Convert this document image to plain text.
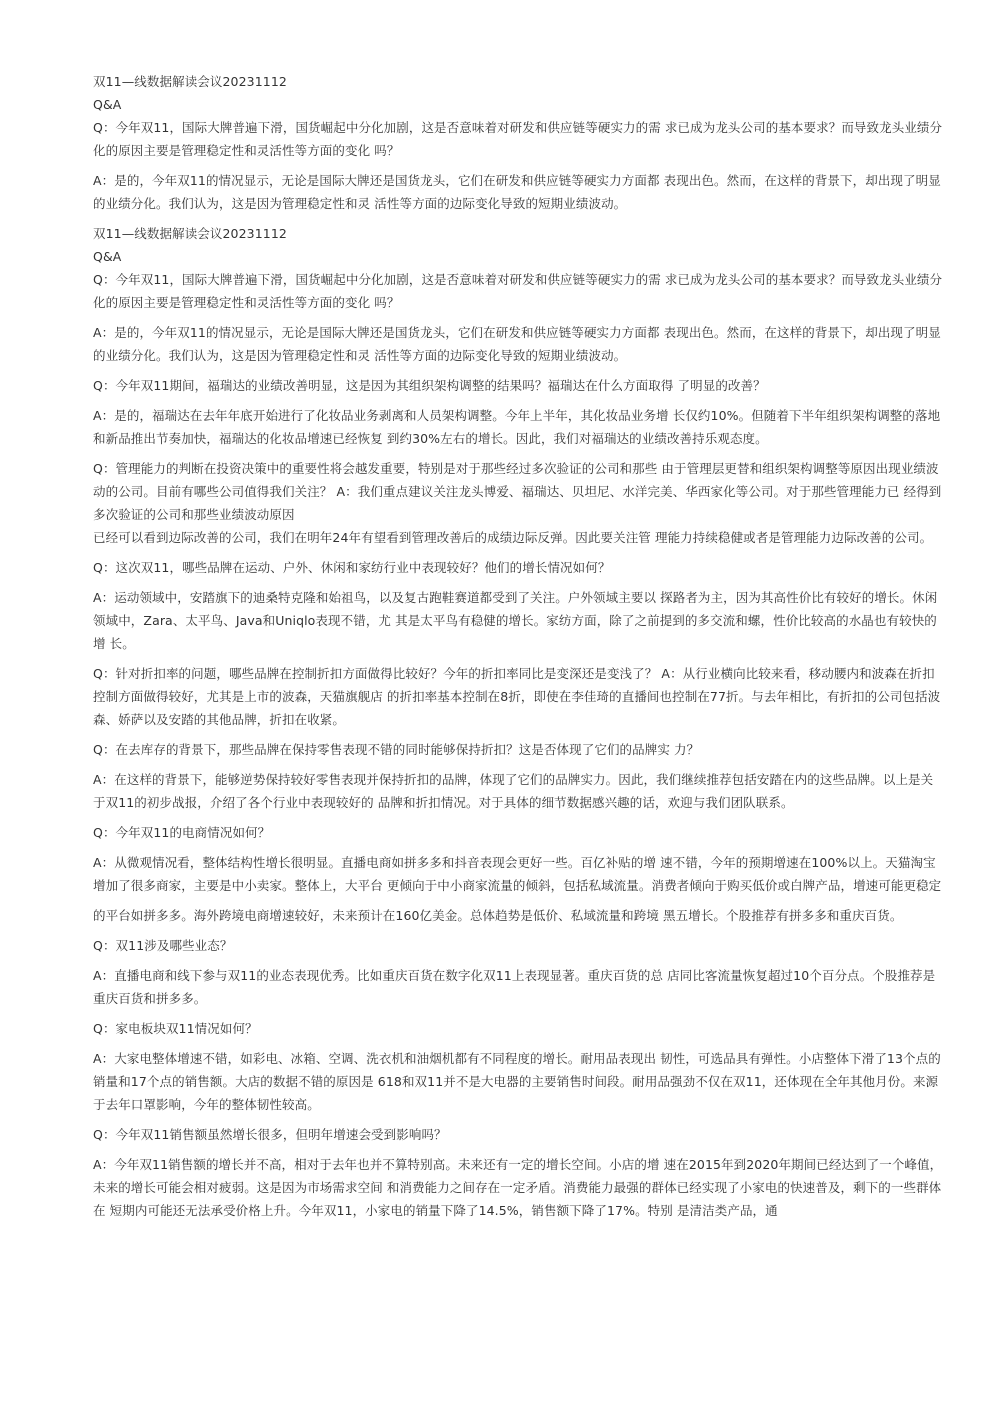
双11—线数据解读会议20231112
Q&A

Q：今年双11，国际大牌普遍下滑，国货崛起中分化加剧，这是否意味着对研发和供应链等硬实力的需 求已成为龙头公司的基本要求？而导致龙头业绩分化的原因主要是管理稳定性和灵活性等方面的变化 吗？

A：是的，今年双11的情况显示，无论是国际大牌还是国货龙头，它们在研发和供应链等硬实力方面都 表现出色。然而，在这样的背景下，却出现了明显的业绩分化。我们认为，这是因为管理稳定性和灵 活性等方面的边际变化导致的短期业绩波动。

双11—线数据解读会议20231112
Q&A

Q：今年双11，国际大牌普遍下滑，国货崛起中分化加剧，这是否意味着对研发和供应链等硬实力的需 求已成为龙头公司的基本要求？而导致龙头业绩分化的原因主要是管理稳定性和灵活性等方面的变化 吗？

A：是的，今年双11的情况显示，无论是国际大牌还是国货龙头，它们在研发和供应链等硬实力方面都 表现出色。然而，在这样的背景下，却出现了明显的业绩分化。我们认为，这是因为管理稳定性和灵 活性等方面的边际变化导致的短期业绩波动。

Q：今年双11期间，福瑞达的业绩改善明显，这是因为其组织架构调整的结果吗？福瑞达在什么方面取得 了明显的改善？

A：是的，福瑞达在去年年底开始进行了化妆品业务剥离和人员架构调整。今年上半年，其化妆品业务增 长仅约10%。但随着下半年组织架构调整的落地和新品推出节奏加快，福瑞达的化妆品增速已经恢复 到约30%左右的增长。因此，我们对福瑞达的业绩改善持乐观态度。

Q：管理能力的判断在投资决策中的重要性将会越发重要，特别是对于那些经过多次验证的公司和那些 由于管理层更替和组织架构调整等原因出现业绩波动的公司。目前有哪些公司值得我们关注？ A：我们重点建议关注龙头博爱、福瑞达、贝坦尼、水洋完美、华西家化等公司。对于那些管理能力已 经得到多次验证的公司和那些业绩波动原因

已经可以看到边际改善的公司，我们在明年24年有望看到管理改善后的成绩边际反弹。因此要关注管 理能力持续稳健或者是管理能力边际改善的公司。

Q：这次双11，哪些品牌在运动、户外、休闲和家纺行业中表现较好？他们的增长情况如何？

A：运动领域中，安踏旗下的迪桑特克隆和始祖鸟，以及复古跑鞋赛道都受到了关注。户外领域主要以 探路者为主，因为其高性价比有较好的增长。休闲领域中，Zara、太平鸟、Java和Uniqlo表现不错，尤 其是太平鸟有稳健的增长。家纺方面，除了之前提到的多交流和螺，性价比较高的水晶也有较快的增 长。

Q：针对折扣率的问题，哪些品牌在控制折扣方面做得比较好？今年的折扣率同比是变深还是变浅了？ A：从行业横向比较来看，移动腰内和波森在折扣控制方面做得较好，尤其是上市的波森，天猫旗舰店 的折扣率基本控制在8折，即使在李佳琦的直播间也控制在77折。与去年相比，有折扣的公司包括波 森、娇萨以及安踏的其他品牌，折扣在收紧。

Q：在去库存的背景下，那些品牌在保持零售表现不错的同时能够保持折扣？这是否体现了它们的品牌实 力？

A：在这样的背景下，能够逆势保持较好零售表现并保持折扣的品牌，体现了它们的品牌实力。因此，我们继续推荐包括安踏在内的这些品牌。以上是关于双11的初步战报，介绍了各个行业中表现较好的 品牌和折扣情况。对于具体的细节数据感兴趣的话，欢迎与我们团队联系。

Q：今年双11的电商情况如何？

A：从微观情况看，整体结构性增长很明显。直播电商如拼多多和抖音表现会更好一些。百亿补贴的增 速不错，今年的预期增速在100%以上。天猫淘宝增加了很多商家，主要是中小卖家。整体上，大平台 更倾向于中小商家流量的倾斜，包括私域流量。消费者倾向于购买低价或白牌产品，增速可能更稳定

的平台如拼多多。海外跨境电商增速较好，未来预计在160亿美金。总体趋势是低价、私域流量和跨境 黑五增长。个股推荐有拼多多和重庆百货。

Q：双11涉及哪些业态？

A：直播电商和线下参与双11的业态表现优秀。比如重庆百货在数字化双11上表现显著。重庆百货的总 店同比客流量恢复超过10个百分点。个股推荐是重庆百货和拼多多。

Q：家电板块双11情况如何？

A：大家电整体增速不错，如彩电、冰箱、空调、洗衣机和油烟机都有不同程度的增长。耐用品表现出 韧性，可选品具有弹性。小店整体下滑了13个点的销量和17个点的销售额。大店的数据不错的原因是 618和双11并不是大电器的主要销售时间段。耐用品强劲不仅在双11，还体现在全年其他月份。来源 于去年口罩影响，今年的整体韧性较高。

Q：今年双11销售额虽然增长很多，但明年增速会受到影响吗？

A：今年双11销售额的增长并不高，相对于去年也并不算特别高。未来还有一定的增长空间。小店的增 速在2015年到2020年期间已经达到了一个峰值，未来的增长可能会相对疲弱。这是因为市场需求空间 和消费能力之间存在一定矛盾。消费能力最强的群体已经实现了小家电的快速普及，剩下的一些群体在 短期内可能还无法承受价格上升。今年双11，小家电的销量下降了14.5%，销售额下降了17%。特别 是清洁类产品，通
